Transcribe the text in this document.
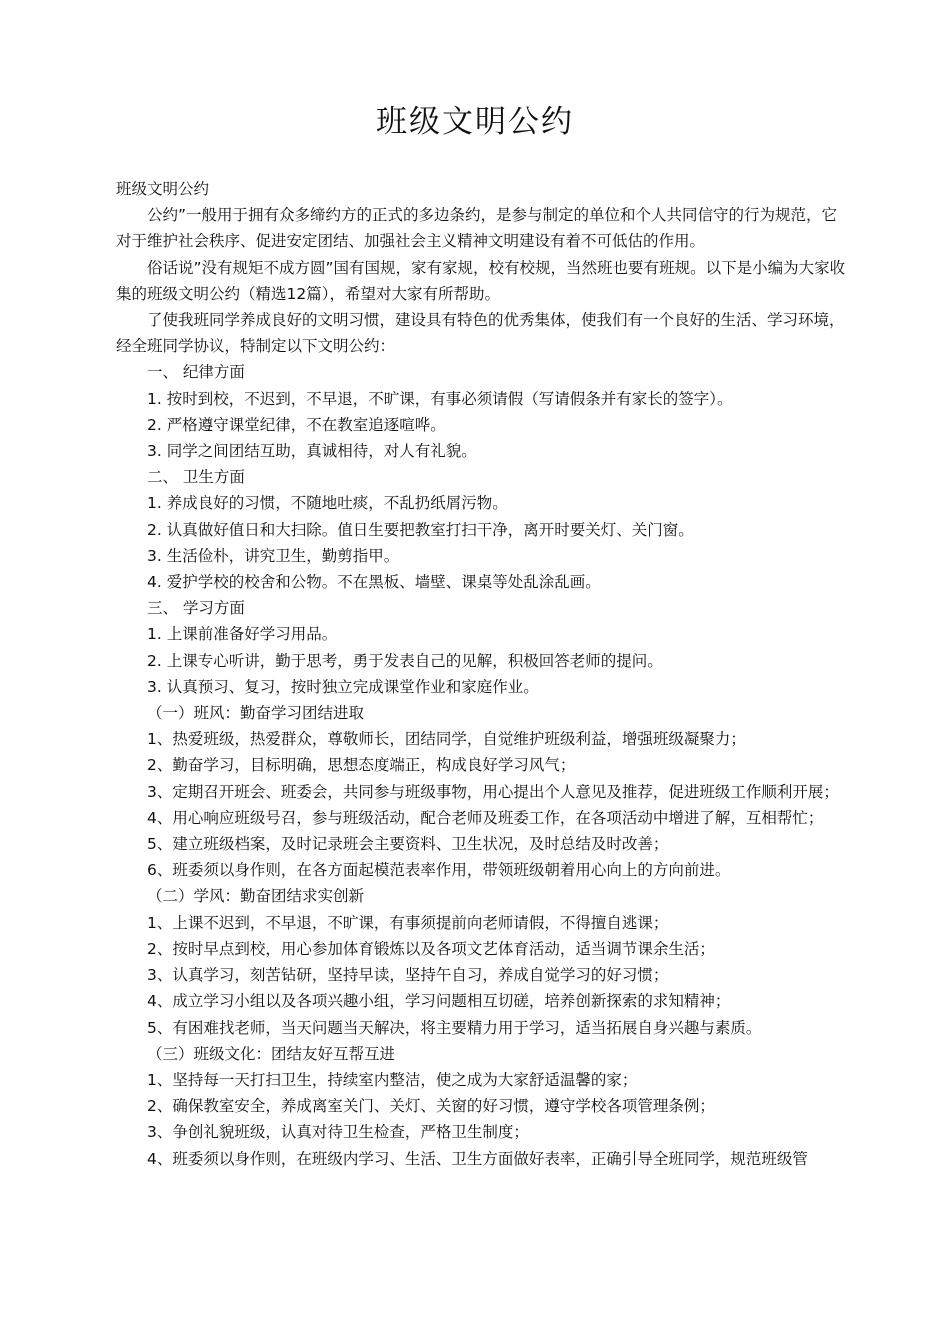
班级文明公约

班级文明公约

公约”一般用于拥有众多缔约方的正式的多边条约，是参与制定的单位和个人共同信守的行为规范，它对于维护社会秩序、促进安定团结、加强社会主义精神文明建设有着不可低估的作用。

俗话说”没有规矩不成方圆”国有国规，家有家规，校有校规，当然班也要有班规。以下是小编为大家收集的班级文明公约（精选12篇），希望对大家有所帮助。

了使我班同学养成良好的文明习惯，建设具有特色的优秀集体，使我们有一个良好的生活、学习环境，经全班同学协议，特制定以下文明公约：

一、 纪律方面

1. 按时到校，不迟到，不早退，不旷课，有事必须请假（写请假条并有家长的签字）。

2. 严格遵守课堂纪律，不在教室追逐喧哗。

3. 同学之间团结互助，真诚相待，对人有礼貌。

二、 卫生方面

1. 养成良好的习惯，不随地吐痰，不乱扔纸屑污物。

2. 认真做好值日和大扫除。值日生要把教室打扫干净，离开时要关灯、关门窗。

3. 生活俭朴，讲究卫生，勤剪指甲。

4. 爱护学校的校舍和公物。不在黑板、墙壁、课桌等处乱涂乱画。

三、 学习方面

1. 上课前准备好学习用品。

2. 上课专心听讲，勤于思考，勇于发表自己的见解，积极回答老师的提问。

3. 认真预习、复习，按时独立完成课堂作业和家庭作业。

（一）班风：勤奋学习团结进取

1、热爱班级，热爱群众，尊敬师长，团结同学，自觉维护班级利益，增强班级凝聚力；

2、勤奋学习，目标明确，思想态度端正，构成良好学习风气；

3、定期召开班会、班委会，共同参与班级事物，用心提出个人意见及推荐，促进班级工作顺利开展；

4、用心响应班级号召，参与班级活动，配合老师及班委工作，在各项活动中增进了解，互相帮忙；

5、建立班级档案，及时记录班会主要资料、卫生状况，及时总结及时改善；

6、班委须以身作则，在各方面起模范表率作用，带领班级朝着用心向上的方向前进。

（二）学风：勤奋团结求实创新

1、上课不迟到，不早退，不旷课，有事须提前向老师请假，不得擅自逃课；

2、按时早点到校，用心参加体育锻炼以及各项文艺体育活动，适当调节课余生活；

3、认真学习，刻苦钻研，坚持早读，坚持午自习，养成自觉学习的好习惯；

4、成立学习小组以及各项兴趣小组，学习问题相互切磋，培养创新探索的求知精神；

5、有困难找老师，当天问题当天解决，将主要精力用于学习，适当拓展自身兴趣与素质。

（三）班级文化：团结友好互帮互进

1、坚持每一天打扫卫生，持续室内整洁，使之成为大家舒适温馨的家；

2、确保教室安全，养成离室关门、关灯、关窗的好习惯，遵守学校各项管理条例；

3、争创礼貌班级，认真对待卫生检查，严格卫生制度；

4、班委须以身作则，在班级内学习、生活、卫生方面做好表率，正确引导全班同学，规范班级管
